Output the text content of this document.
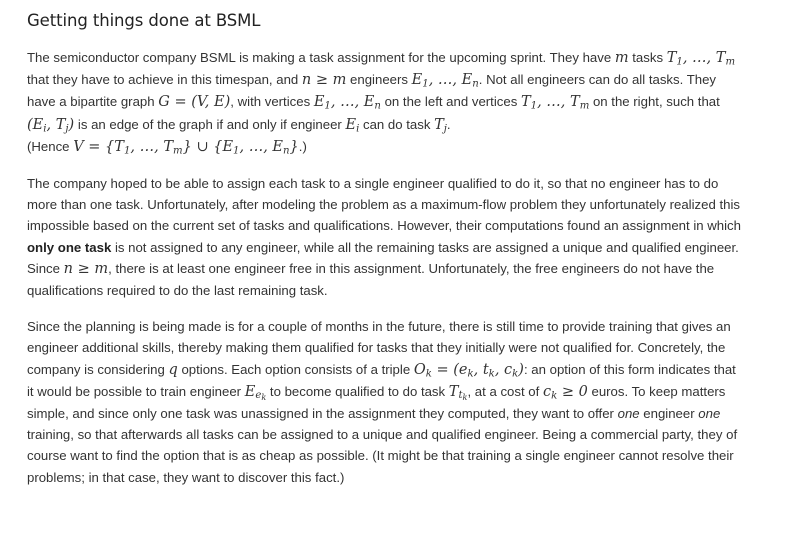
Getting things done at BSML

The semiconductor company BSML is making a task assignment for the upcoming sprint. They have m tasks $T_1$, …, $T_m$ that they have to achieve in this timespan, and n ≥ m engineers $E_1$, …, $E_n$. Not all engineers can do all tasks. They have a bipartite graph G = (V, E), with vertices $E_1$, …, $E_n$ on the left and vertices $T_1$, …, $T_m$ on the right, such that ($E_i$, $T_j$) is an edge of the graph if and only if engineer $E_i$ can do task $T_j$.
(Hence $V = \{T_1$, …, $T_m$} ∪ {$E_1$, …, $E_n$}.)

The company hoped to be able to assign each task to a single engineer qualified to do it, so that no engineer has to do more than one task. Unfortunately, after modeling the problem as a maximum-flow problem they unfortunately realized this impossible based on the current set of tasks and qualifications. However, their computations found an assignment in which only one task is not assigned to any engineer, while all the remaining tasks are assigned a unique and qualified engineer. Since n ≥ m, there is at least one engineer free in this assignment. Unfortunately, the free engineers do not have the qualifications required to do the last remaining task.

Since the planning is being made is for a couple of months in the future, there is still time to provide training that gives an engineer additional skills, thereby making them qualified for tasks that they initially were not qualified for. Concretely, the company is considering q options. Each option consists of a triple $O_k = (e_k$, $t_k$, $c_k$): an option of this form indicates that it would be possible to train engineer $E_{e_k}$ to become qualified to do task $T_{t_k}$, at a cost of $c_k \ge 0$ euros. To keep matters simple, and since only one task was unassigned in the assignment they computed, they want to offer one engineer one training, so that afterwards all tasks can be assigned to a unique and qualified engineer. Being a commercial party, they of course want to find the option that is as cheap as possible. (It might be that training a single engineer cannot resolve their problems; in that case, they want to discover this fact.)
